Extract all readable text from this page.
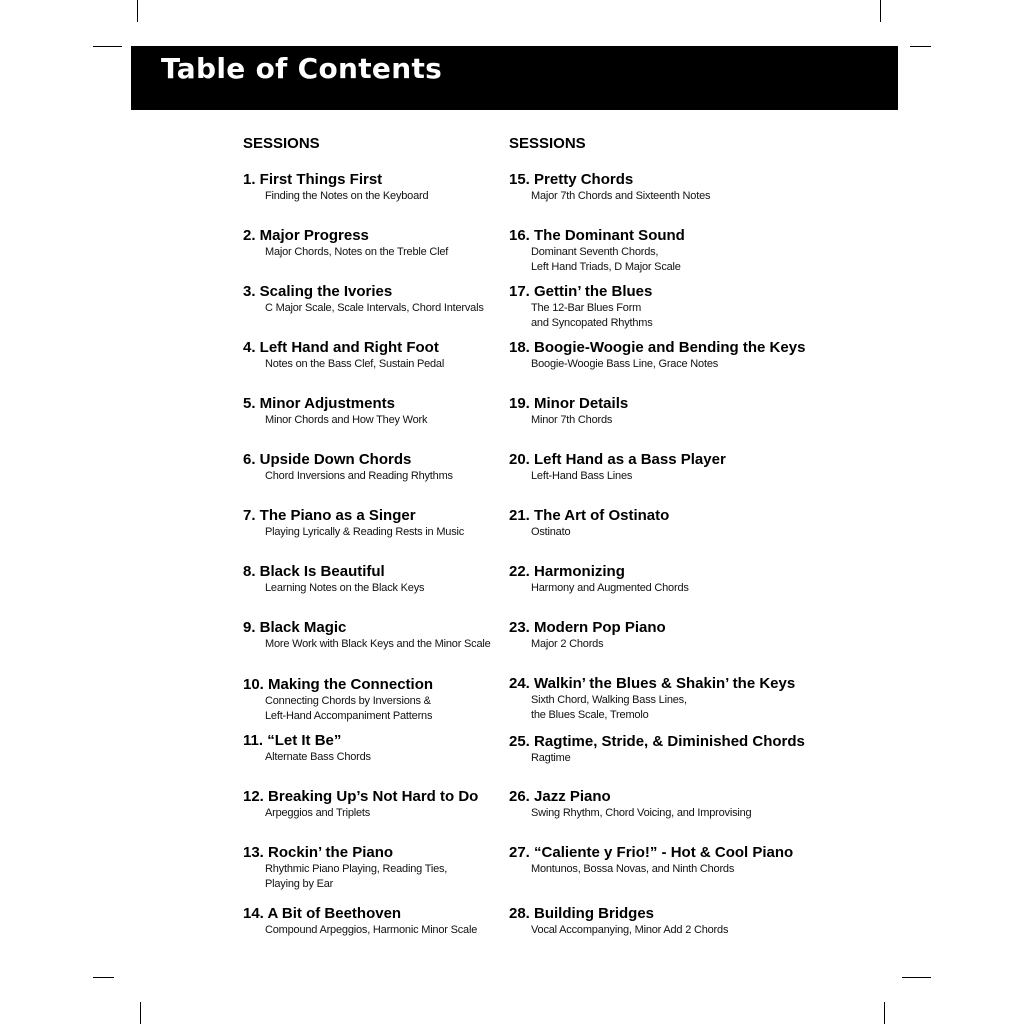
Table of Contents
SESSIONS	SESSIONS
1. First Things First
Finding the Notes on the Keyboard
2. Major Progress
Major Chords, Notes on the Treble Clef
3. Scaling the Ivories
C Major Scale, Scale Intervals, Chord Intervals
4. Left Hand and Right Foot
Notes on the Bass Clef, Sustain Pedal
5. Minor Adjustments
Minor Chords and How They Work
6. Upside Down Chords
Chord Inversions and Reading Rhythms
7. The Piano as a Singer
Playing Lyrically & Reading Rests in Music
8. Black Is Beautiful
Learning Notes on the Black Keys
9. Black Magic
More Work with Black Keys and the Minor Scale
10. Making the Connection
Connecting Chords by Inversions &
Left-Hand Accompaniment Patterns
11. “Let It Be”
Alternate Bass Chords
12. Breaking Up’s Not Hard to Do
Arpeggios and Triplets
13. Rockin’ the Piano
Rhythmic Piano Playing, Reading Ties,
Playing by Ear
14. A Bit of Beethoven
Compound Arpeggios, Harmonic Minor Scale
15. Pretty Chords
Major 7th Chords and Sixteenth Notes
16. The Dominant Sound
Dominant Seventh Chords,
Left Hand Triads, D Major Scale
17. Gettin’ the Blues
The 12-Bar Blues Form
and Syncopated Rhythms
18. Boogie-Woogie and Bending the Keys
Boogie-Woogie Bass Line, Grace Notes
19. Minor Details
Minor 7th Chords
20. Left Hand as a Bass Player
Left-Hand Bass Lines
21. The Art of Ostinato
Ostinato
22. Harmonizing
Harmony and Augmented Chords
23. Modern Pop Piano
Major 2 Chords
24. Walkin’ the Blues & Shakin’ the Keys
Sixth Chord, Walking Bass Lines,
the Blues Scale, Tremolo
25. Ragtime, Stride, & Diminished Chords
Ragtime
26. Jazz Piano
Swing Rhythm, Chord Voicing, and Improvising
27. “Caliente y Frio!” - Hot & Cool Piano
Montunos, Bossa Novas, and Ninth Chords
28. Building Bridges
Vocal Accompanying, Minor Add 2 Chords
